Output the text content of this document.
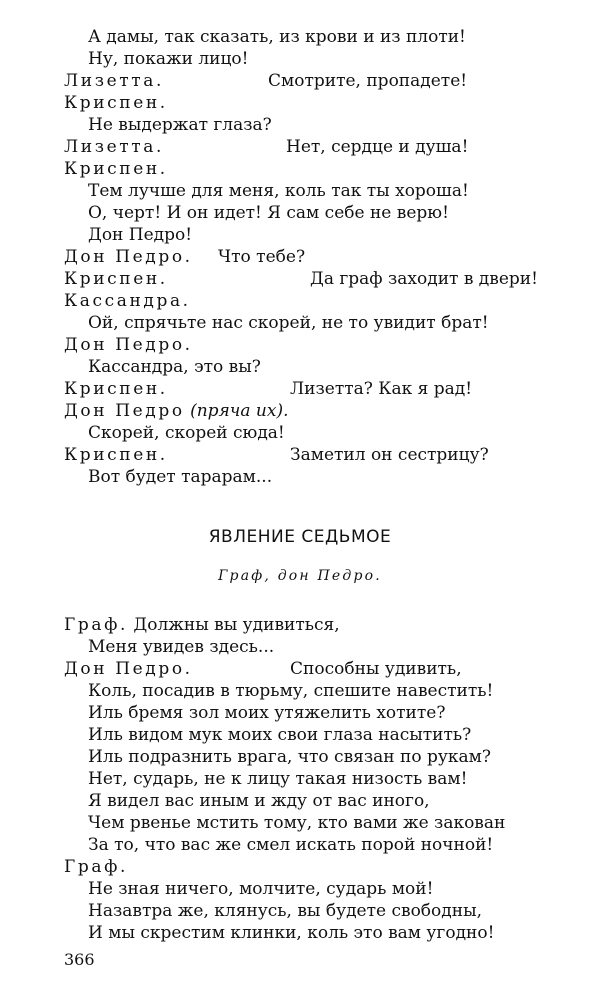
А дамы, так сказать, из крови и из плоти!
Ну, покажи лицо!
Лизетта.	Смотрите, пропадете!
Криспен.
Не выдержат глаза?
Лизетта.	Нет, сердце и душа!
Криспен.
Тем лучше для меня, коль так ты хороша!
О, черт! И он идет! Я сам себе не верю!
Дон Педро!
Дон Педро. Что тебе?
Криспен.	Да граф заходит в двери!
Кассандра.
Ой, спрячьте нас скорей, не то увидит брат!
Дон Педро.
Кассандра, это вы?
Криспен.	Лизетта? Как я рад!
Дон Педро (пряча их).
Скорей, скорей сюда!
Криспен.	Заметил он сестрицу?
Вот будет тарарам...
ЯВЛЕНИЕ СЕДЬМОЕ
Граф, дон Педро.
Граф. Должны вы удивиться,
Меня увидев здесь...
Дон Педро.	Способны удивить,
Коль, посадив в тюрьму, спешите навестить!
Иль бремя зол моих утяжелить хотите?
Иль видом мук моих свои глаза насытить?
Иль подразнить врага, что связан по рукам?
Нет, сударь, не к лицу такая низость вам!
Я видел вас иным и жду от вас иного,
Чем рвенье мстить тому, кто вами же закован
За то, что вас же смел искать порой ночной!
Граф.
Не зная ничего, молчите, сударь мой!
Назавтра же, клянусь, вы будете свободны,
И мы скрестим клинки, коль это вам угодно!
366
